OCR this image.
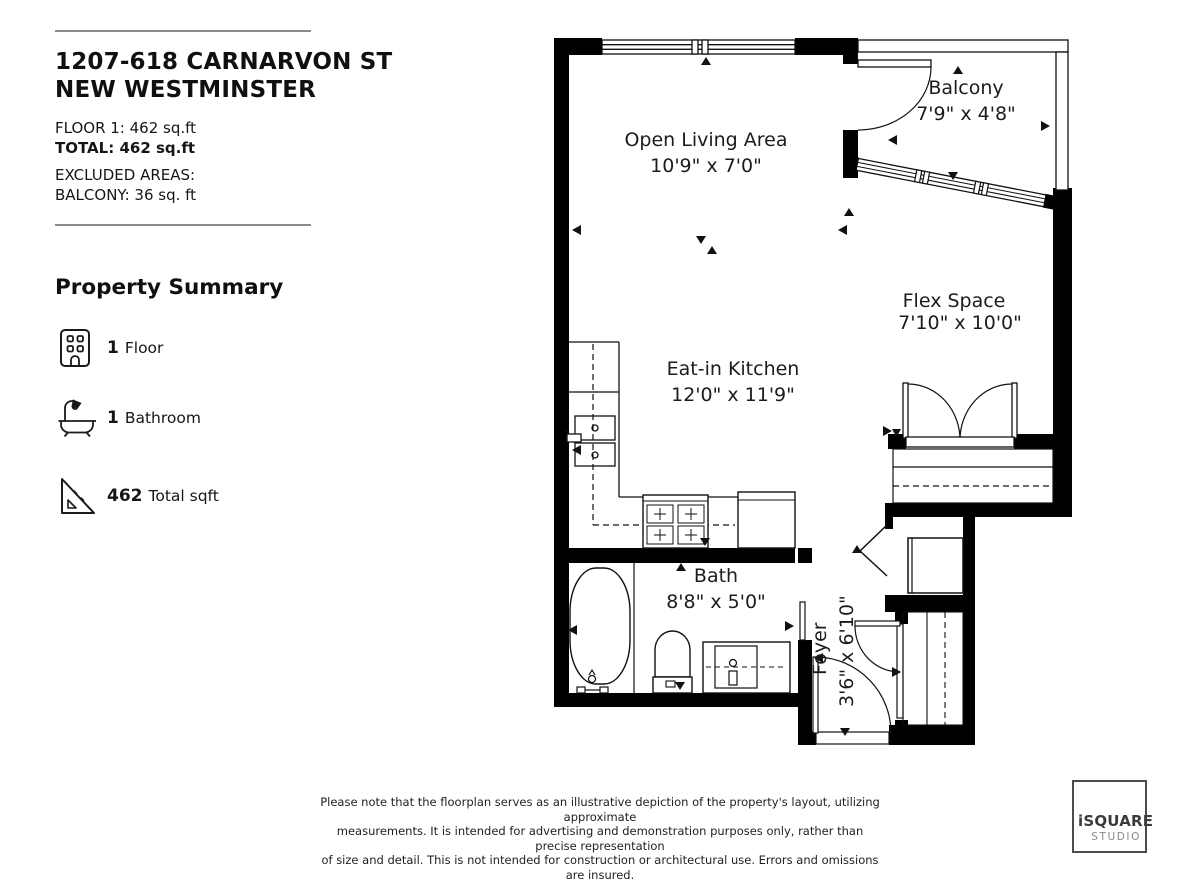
1207-618 CARNARVON ST
NEW WESTMINSTER
FLOOR 1: 462 sq.ft
TOTAL: 462 sq.ft
EXCLUDED AREAS:
BALCONY: 36 sq. ft
Property Summary
1 Floor
1 Bathroom
462 Total sqft
Open Living Area
10'9" x 7'0"
Balcony
7'9" x 4'8"
Flex Space
7'10" x 10'0"
Eat-in Kitchen
12'0" x 11'9"
Bath
8'8" x 5'0"
Foyer 3'6" x 6'10"
Please note that the floorplan serves as an illustrative depiction of the property's layout, utilizing approximate
measurements. It is intended for advertising and demonstration purposes only, rather than precise representation
of size and detail. This is not intended for construction or architectural use. Errors and omissions are insured.
iSQUARE
STUDIO
